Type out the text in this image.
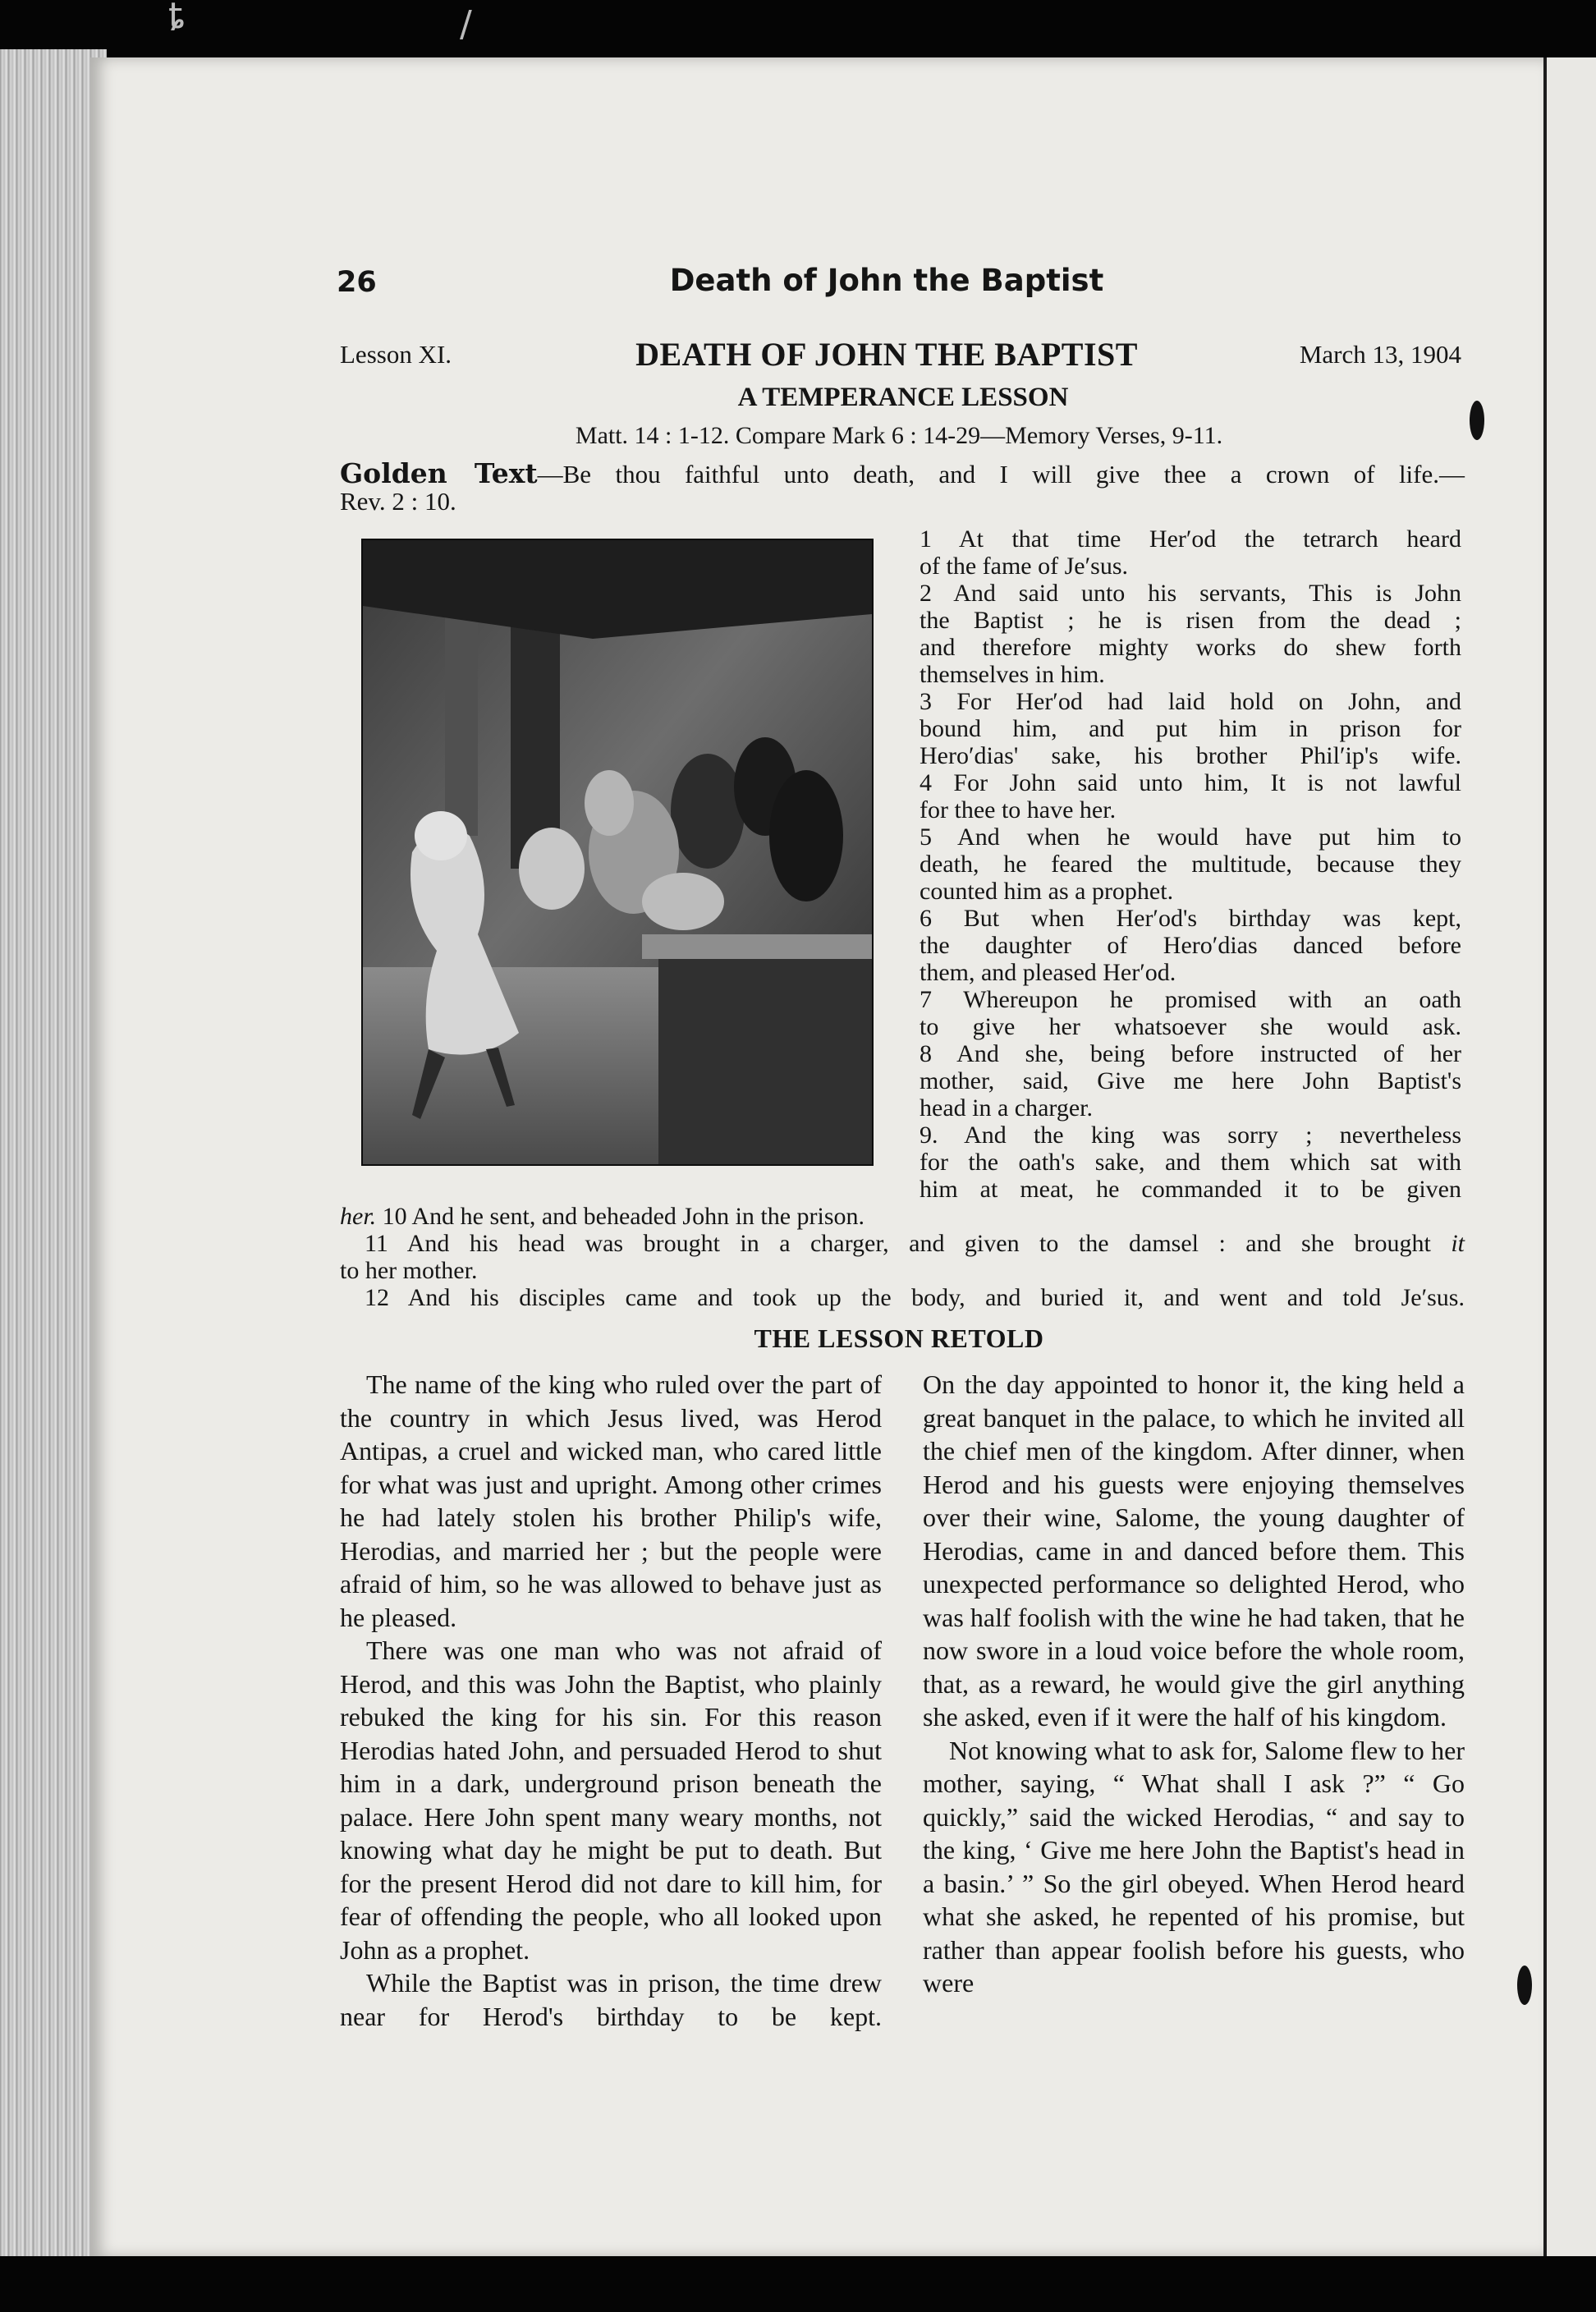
ȶ	/
26	Death of John the Baptist
Lesson XI.	DEATH OF JOHN THE BAPTIST	March 13, 1904
A TEMPERANCE LESSON
Matt. 14 : 1-12. Compare Mark 6 : 14-29—Memory Verses, 9-11.
Golden Text—Be thou faithful unto death, and I will give thee a crown of life.—
Rev. 2 : 10.
1 At that time Her′od the tetrarch heard
of the fame of Je′sus.
2 And said unto his servants, This is John
the Baptist ; he is risen from the dead ;
and therefore mighty works do shew forth
themselves in him.
3 For Her′od had laid hold on John, and
bound him, and put him in prison for
Hero′dias' sake, his brother Phil′ip's wife.
4 For John said unto him, It is not lawful
for thee to have her.
5 And when he would have put him to
death, he feared the multitude, because they
counted him as a prophet.
6 But when Her′od's birthday was kept,
the daughter of Hero′dias danced before
them, and pleased Her′od.
7 Whereupon he promised with an oath
to give her whatsoever she would ask.
8 And she, being before instructed of her
mother, said, Give me here John Baptist's
head in a charger.
9. And the king was sorry ; nevertheless
for the oath's sake, and them which sat with
him at meat, he commanded it to be given
her. 10 And he sent, and beheaded John in the prison.
11 And his head was brought in a charger, and given to the damsel : and she brought it
to her mother.
12 And his disciples came and took up the body, and buried it, and went and told Je′sus.
THE LESSON RETOLD

The name of the king who ruled over the part of the country in which Jesus lived, was Herod Antipas, a cruel and wicked man, who cared little for what was just and upright. Among other crimes he had lately stolen his brother Philip's wife, Herodias, and married her ; but the people were afraid of him, so he was allowed to behave just as he pleased.

There was one man who was not afraid of Herod, and this was John the Baptist, who plainly rebuked the king for his sin. For this reason Herodias hated John, and persuaded Herod to shut him in a dark, underground prison beneath the palace. Here John spent many weary months, not knowing what day he might be put to death. But for the present Herod did not dare to kill him, for fear of offending the people, who all looked upon John as a prophet.

While the Baptist was in prison, the time drew near for Herod's birthday to be kept.

On the day appointed to honor it, the king held a great banquet in the palace, to which he invited all the chief men of the kingdom. After dinner, when Herod and his guests were enjoying themselves over their wine, Salome, the young daughter of Herodias, came in and danced before them. This unexpected performance so delighted Herod, who was half foolish with the wine he had taken, that he now swore in a loud voice before the whole room, that, as a reward, he would give the girl anything she asked, even if it were the half of his kingdom.

Not knowing what to ask for, Salome flew to her mother, saying, “ What shall I ask ?” “ Go quickly,” said the wicked Herodias, “ and say to the king, ‘ Give me here John the Baptist's head in a basin.’ ” So the girl obeyed. When Herod heard what she asked, he repented of his promise, but rather than appear foolish before his guests, who were
